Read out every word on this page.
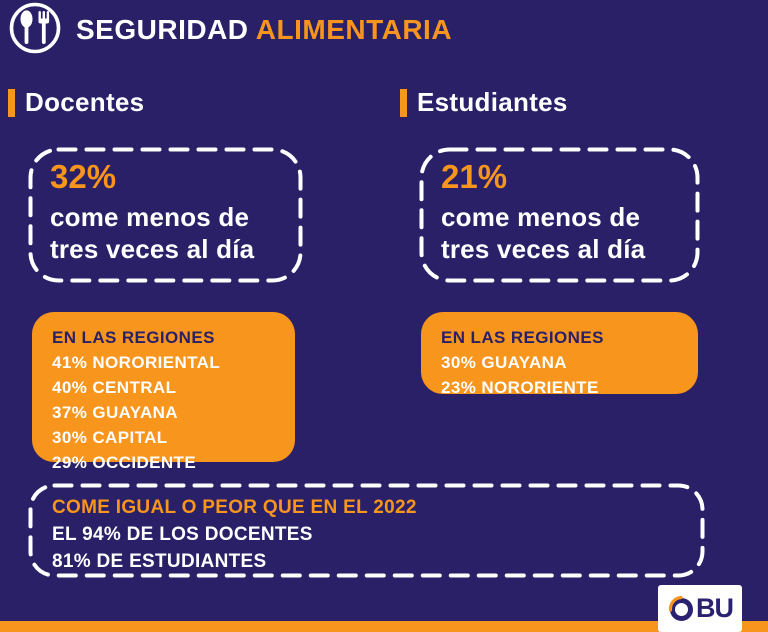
SEGURIDAD ALIMENTARIA
Docentes	Estudiantes
32%
come menos de
tres veces al día
21%
come menos de
tres veces al día
EN LAS REGIONES
41% NORORIENTAL
40% CENTRAL
37% GUAYANA
30% CAPITAL
29% OCCIDENTE
EN LAS REGIONES
30% GUAYANA
23% NORORIENTE
COME IGUAL O PEOR QUE EN EL 2022
EL 94% DE LOS DOCENTES
81% DE ESTUDIANTES
BU
